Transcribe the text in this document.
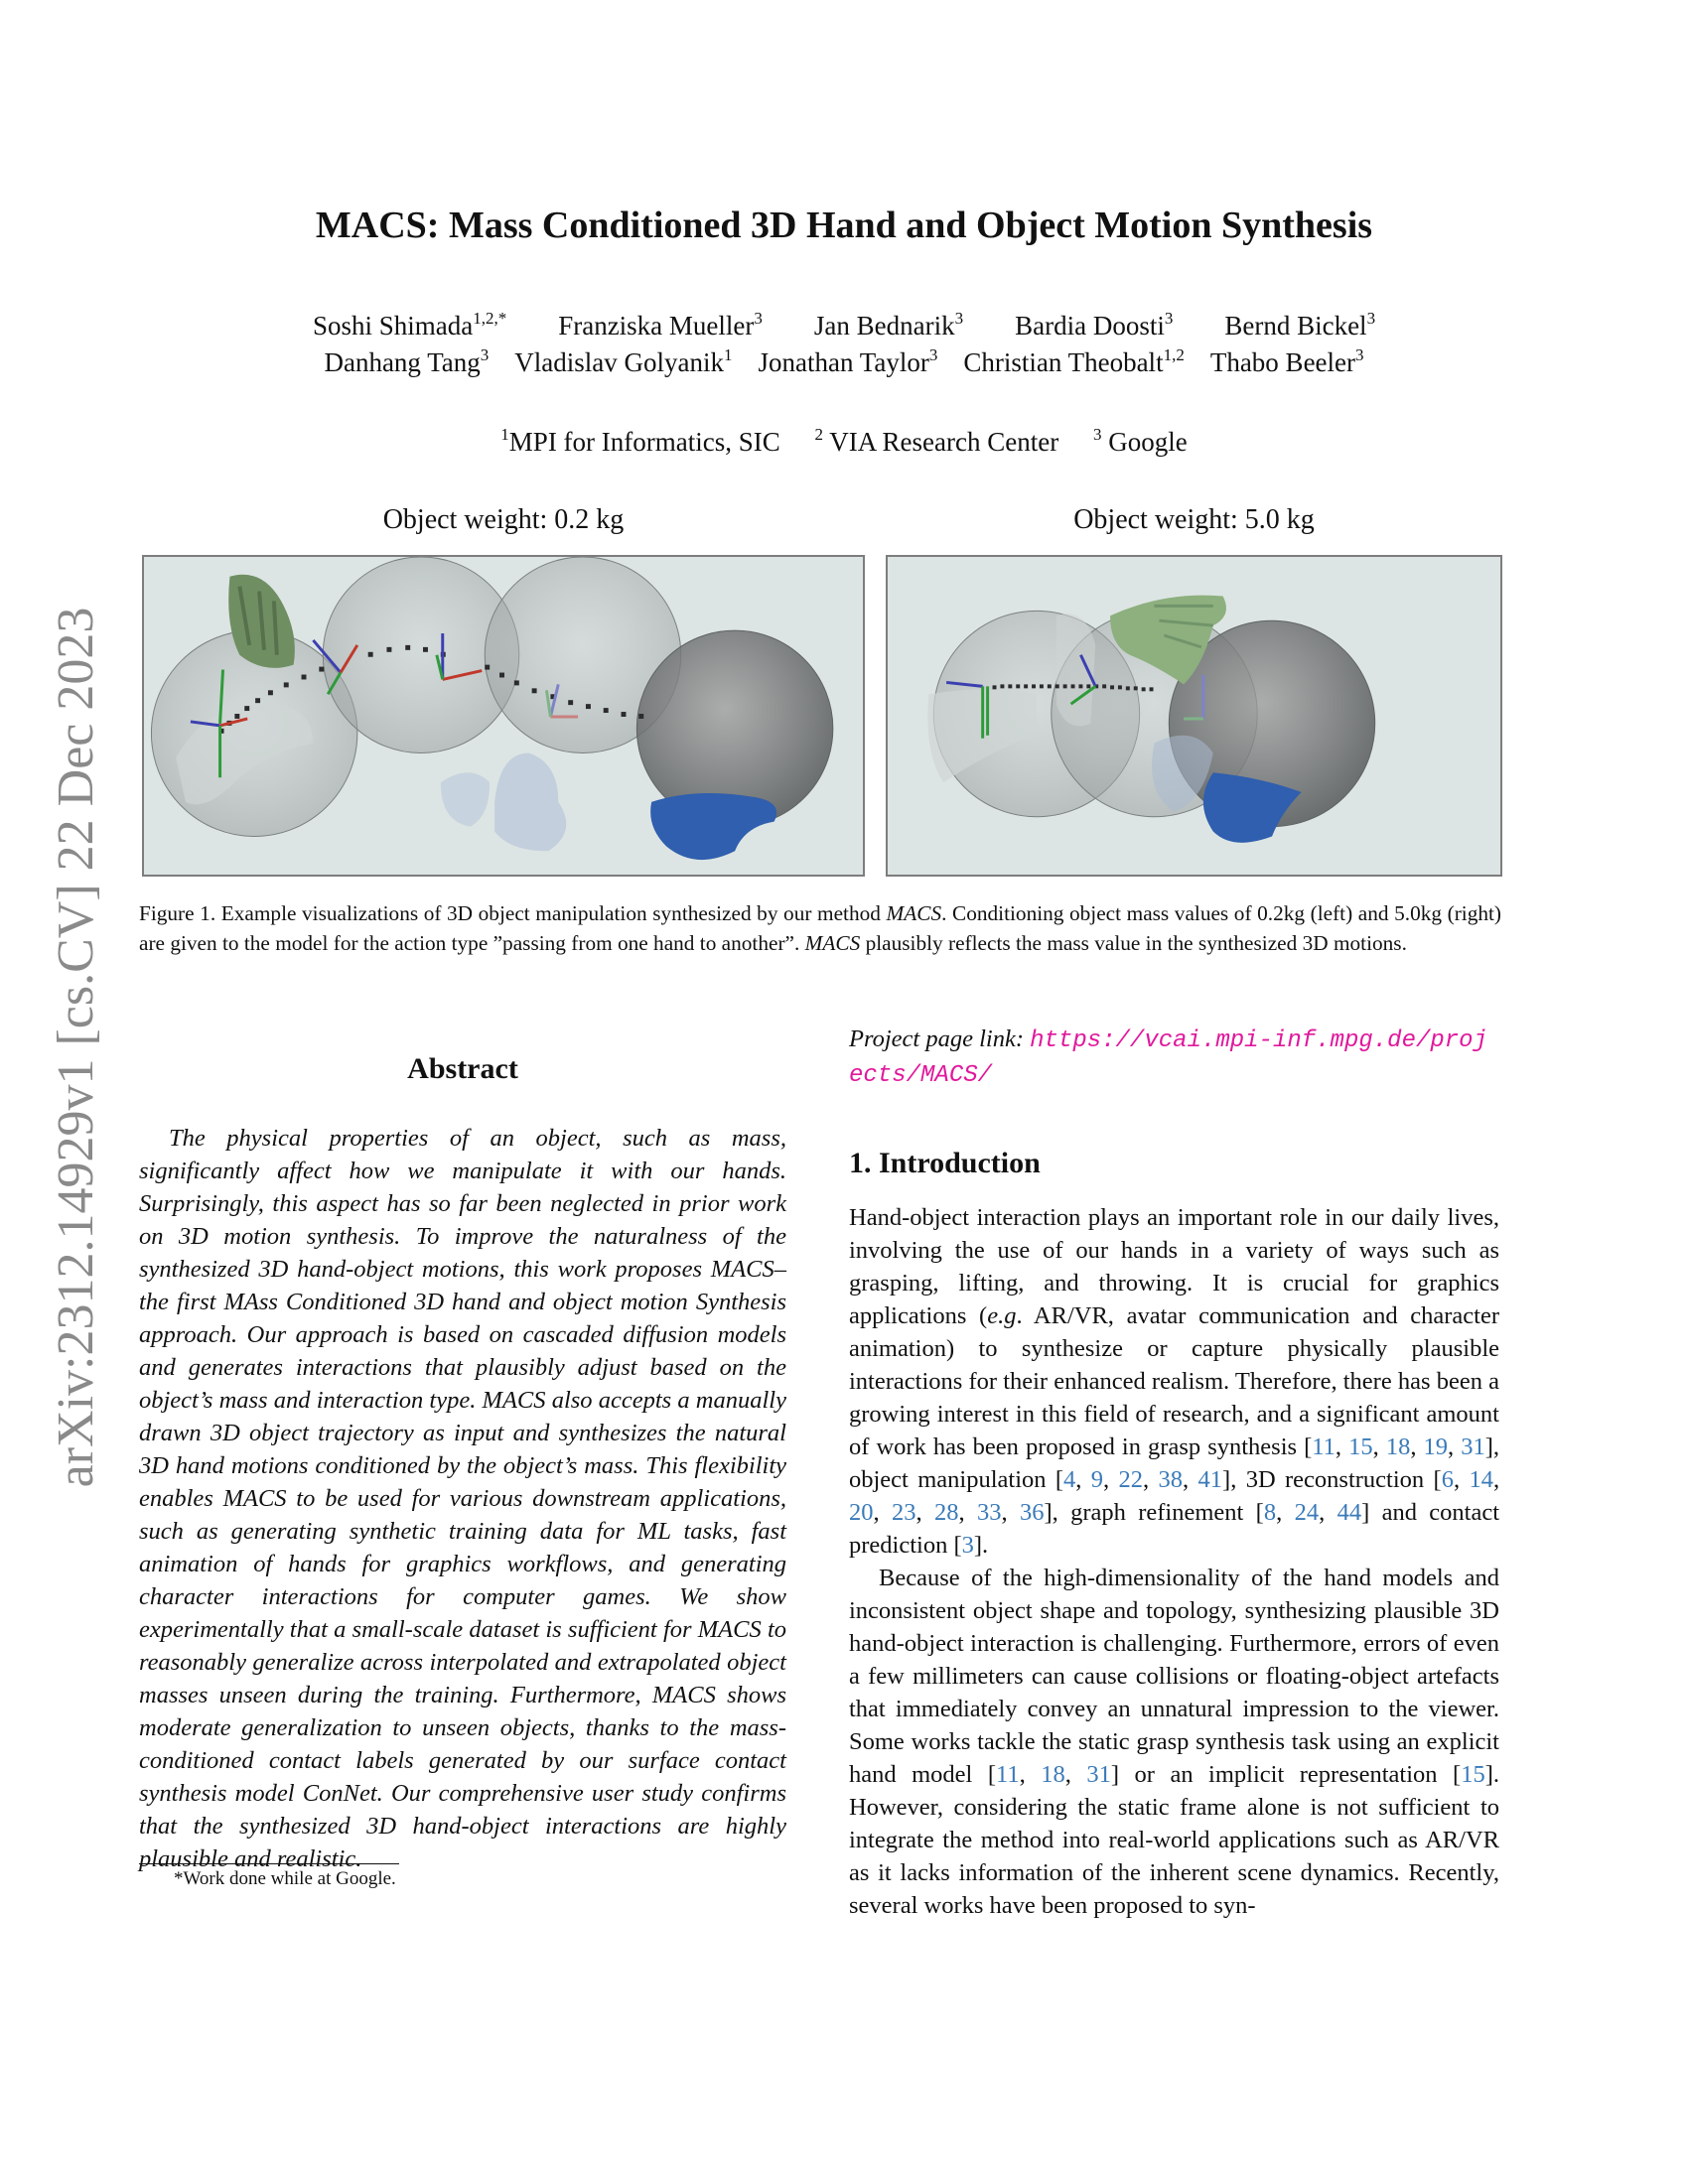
arXiv:2312.14929v1 [cs.CV] 22 Dec 2023
MACS: Mass Conditioned 3D Hand and Object Motion Synthesis
Soshi Shimada$^{1,2,*}$ Franziska Mueller$^3$ Jan Bednarik$^3$ Bardia Doosti$^3$ Bernd Bickel$^3$
Danhang Tang$^3$ Vladislav Golyanik$^1$ Jonathan Taylor$^3$ Christian Theobalt$^{1,2}$ Thabo Beeler$^3$
$^1$MPI for Informatics, SIC $^2$ VIA Research Center $^3$ Google
Object weight: 0.2 kg	Object weight: 5.0 kg
Figure 1. Example visualizations of 3D object manipulation synthesized by our method MACS. Conditioning object mass values of 0.2kg (left) and 5.0kg (right) are given to the model for the action type ”passing from one hand to another”. MACS plausibly reflects the mass value in the synthesized 3D motions.
Abstract
The physical properties of an object, such as mass, significantly affect how we manipulate it with our hands. Surprisingly, this aspect has so far been neglected in prior work on 3D motion synthesis. To improve the naturalness of the synthesized 3D hand-object motions, this work proposes MACS–the first MAss Conditioned 3D hand and object motion Synthesis approach. Our approach is based on cascaded diffusion models and generates interactions that plausibly adjust based on the object’s mass and interaction type. MACS also accepts a manually drawn 3D object trajectory as input and synthesizes the natural 3D hand motions conditioned by the object’s mass. This flexibility enables MACS to be used for various downstream applications, such as generating synthetic training data for ML tasks, fast animation of hands for graphics workflows, and generating character interactions for computer games. We show experimentally that a small-scale dataset is sufficient for MACS to reasonably generalize across interpolated and extrapolated object masses unseen during the training. Furthermore, MACS shows moderate generalization to unseen objects, thanks to the mass-conditioned contact labels generated by our surface contact synthesis model ConNet. Our comprehensive user study confirms that the synthesized 3D hand-object interactions are highly plausible and realistic.
*Work done while at Google.
Project page link: https://vcai.mpi-inf.mpg.de/projects/MACS/
1. Introduction

Hand-object interaction plays an important role in our daily lives, involving the use of our hands in a variety of ways such as grasping, lifting, and throwing. It is crucial for graphics applications (e.g. AR/VR, avatar communication and character animation) to synthesize or capture physically plausible interactions for their enhanced realism. Therefore, there has been a growing interest in this field of research, and a significant amount of work has been proposed in grasp synthesis [11, 15, 18, 19, 31], object manipulation [4, 9, 22, 38, 41], 3D reconstruction [6, 14, 20, 23, 28, 33, 36], graph refinement [8, 24, 44] and contact prediction [3].

Because of the high-dimensionality of the hand models and inconsistent object shape and topology, synthesizing plausible 3D hand-object interaction is challenging. Furthermore, errors of even a few millimeters can cause collisions or floating-object artefacts that immediately convey an unnatural impression to the viewer. Some works tackle the static grasp synthesis task using an explicit hand model [11, 18, 31] or an implicit representation [15]. However, considering the static frame alone is not sufficient to integrate the method into real-world applications such as AR/VR as it lacks information of the inherent scene dynamics. Recently, several works have been proposed to syn-
